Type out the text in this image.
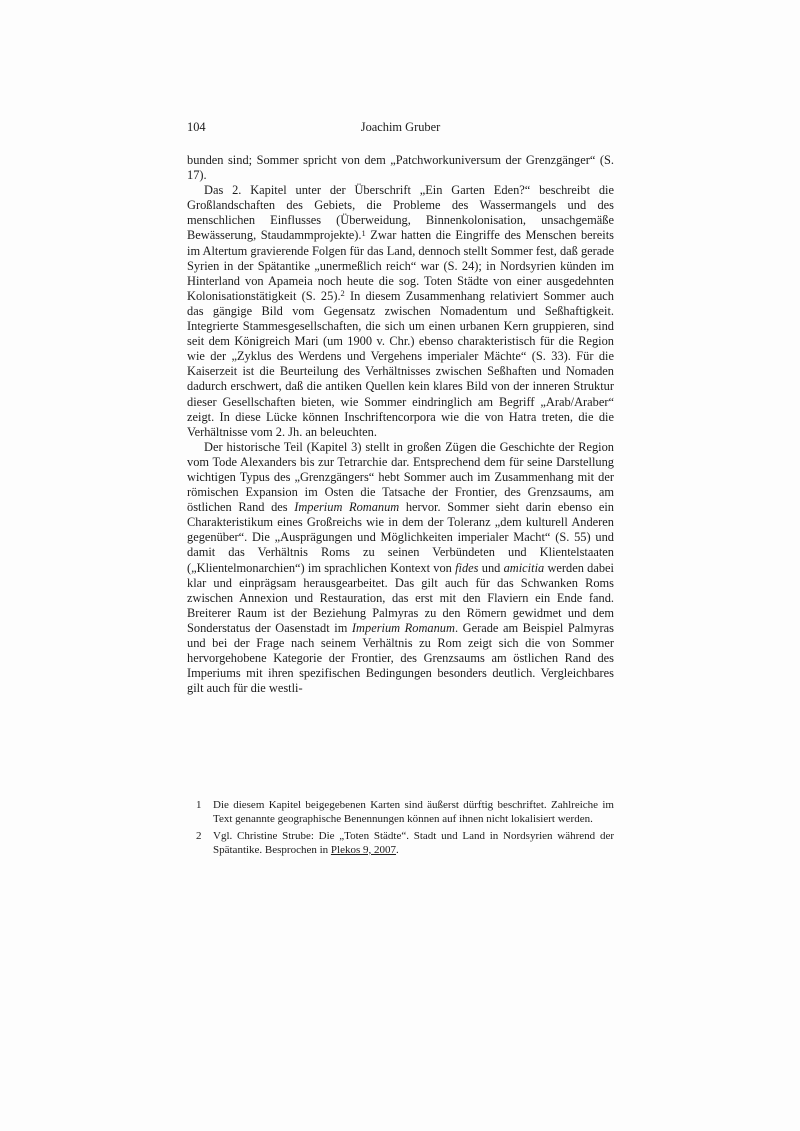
104	Joachim Gruber

bunden sind; Sommer spricht von dem „Patchworkuniversum der Grenzgänger“ (S. 17).

Das 2. Kapitel unter der Überschrift „Ein Garten Eden?“ beschreibt die Großlandschaften des Gebiets, die Probleme des Wassermangels und des menschlichen Einflusses (Überweidung, Binnenkolonisation, unsachgemäße Bewässerung, Staudammprojekte).$^1$ Zwar hatten die Eingriffe des Menschen bereits im Altertum gravierende Folgen für das Land, dennoch stellt Sommer fest, daß gerade Syrien in der Spätantike „unermeßlich reich“ war (S. 24); in Nordsyrien künden im Hinterland von Apameia noch heute die sog. Toten Städte von einer ausgedehnten Kolonisationstätigkeit (S. 25).$^2$ In diesem Zusammenhang relativiert Sommer auch das gängige Bild vom Gegensatz zwischen Nomadentum und Seßhaftigkeit. Integrierte Stammesgesellschaften, die sich um einen urbanen Kern gruppieren, sind seit dem Königreich Mari (um 1900 v. Chr.) ebenso charakteristisch für die Region wie der „Zyklus des Werdens und Vergehens imperialer Mächte“ (S. 33). Für die Kaiserzeit ist die Beurteilung des Verhältnisses zwischen Seßhaften und Nomaden dadurch erschwert, daß die antiken Quellen kein klares Bild von der inneren Struktur dieser Gesellschaften bieten, wie Sommer eindringlich am Begriff „Arab/Araber“ zeigt. In diese Lücke können Inschriftencorpora wie die von Hatra treten, die die Verhältnisse vom 2. Jh. an beleuchten.

Der historische Teil (Kapitel 3) stellt in großen Zügen die Geschichte der Region vom Tode Alexanders bis zur Tetrarchie dar. Entsprechend dem für seine Darstellung wichtigen Typus des „Grenzgängers“ hebt Sommer auch im Zusammenhang mit der römischen Expansion im Osten die Tatsache der Frontier, des Grenzsaums, am östlichen Rand des Imperium Romanum hervor. Sommer sieht darin ebenso ein Charakteristikum eines Großreichs wie in dem der Toleranz „dem kulturell Anderen gegenüber“. Die „Ausprägungen und Möglichkeiten imperialer Macht“ (S. 55) und damit das Verhältnis Roms zu seinen Verbündeten und Klientelstaaten („Klientelmonarchien“) im sprachlichen Kontext von fides und amicitia werden dabei klar und einprägsam herausgearbeitet. Das gilt auch für das Schwanken Roms zwischen Annexion und Restauration, das erst mit den Flaviern ein Ende fand. Breiterer Raum ist der Beziehung Palmyras zu den Römern gewidmet und dem Sonderstatus der Oasenstadt im Imperium Romanum. Gerade am Beispiel Palmyras und bei der Frage nach seinem Verhältnis zu Rom zeigt sich die von Sommer hervorgehobene Kategorie der Frontier, des Grenzsaums am östlichen Rand des Imperiums mit ihren spezifischen Bedingungen besonders deutlich. Vergleichbares gilt auch für die westli-

1 Die diesem Kapitel beigegebenen Karten sind äußerst dürftig beschriftet. Zahlreiche im Text genannte geographische Benennungen können auf ihnen nicht lokalisiert werden.
2 Vgl. Christine Strube: Die „Toten Städte“. Stadt und Land in Nordsyrien während der Spätantike. Besprochen in Plekos 9, 2007.
